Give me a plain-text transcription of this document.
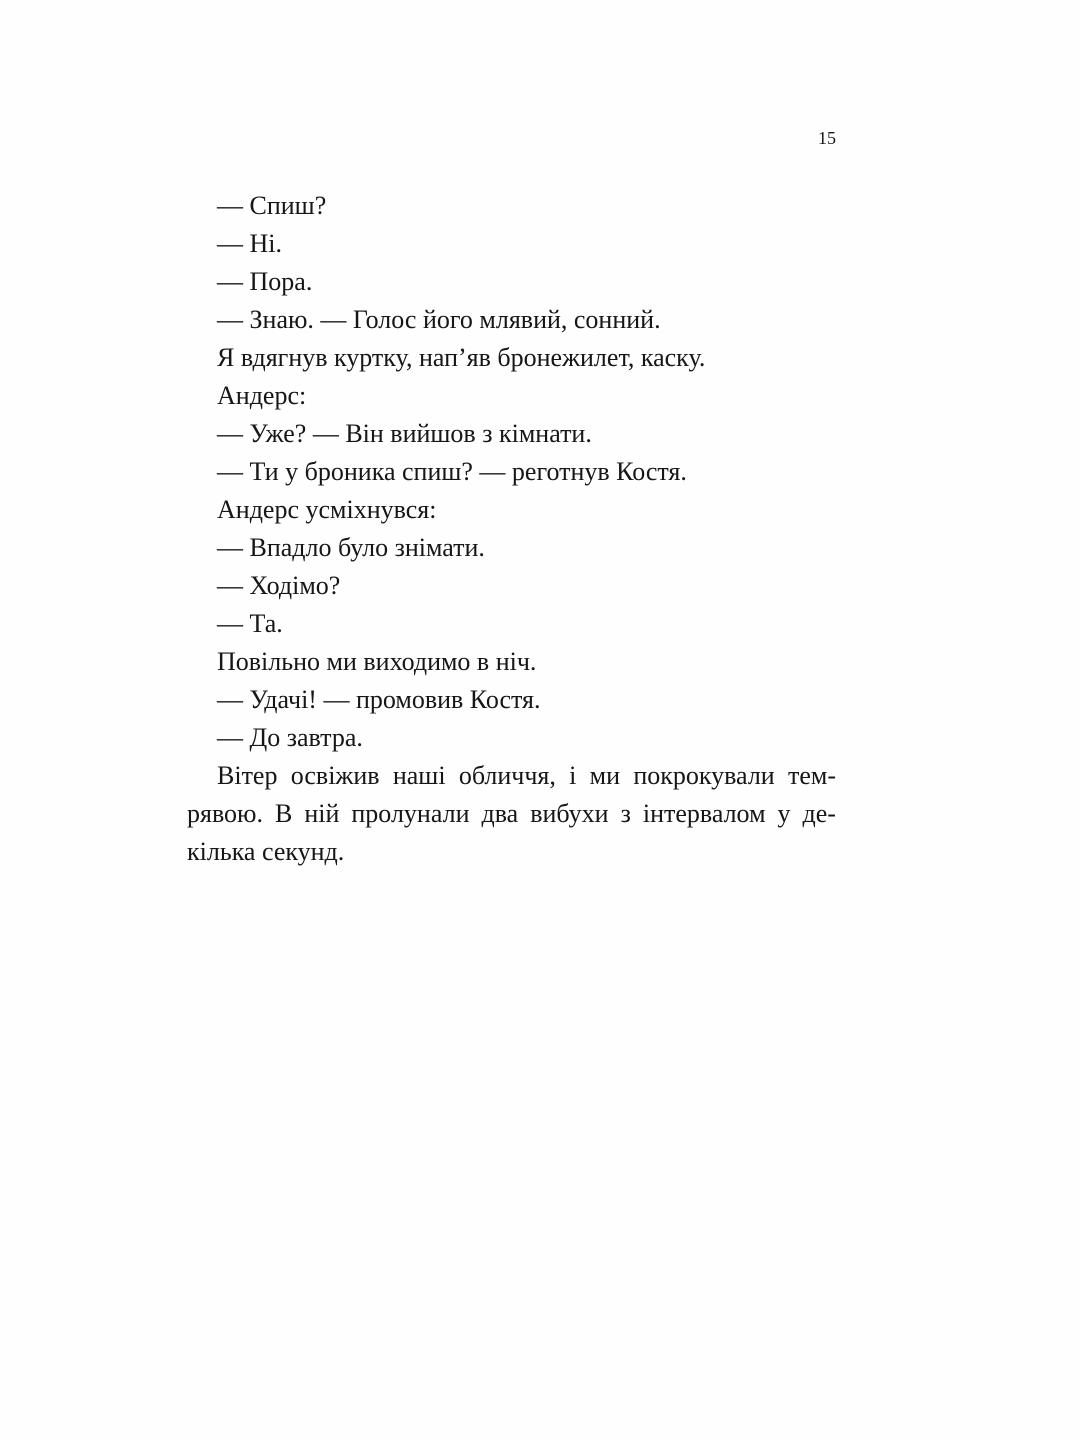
15
— Спиш?
— Ні.
— Пора.
— Знаю. — Голос його млявий, сонний.
Я вдягнув куртку, нап’яв бронежилет, каску.
Андерс:
— Уже? — Він вийшов з кімнати.
— Ти у броника спиш? — реготнув Костя.
Андерс усміхнувся:
— Впадло було знімати.
— Ходімо?
— Та.
Повільно ми виходимо в ніч.
— Удачі! — промовив Костя.
— До завтра.
Вітер освіжив наші обличчя, і ми покрокували тем-
рявою. В ній пролунали два вибухи з інтервалом у де-
кілька секунд.
